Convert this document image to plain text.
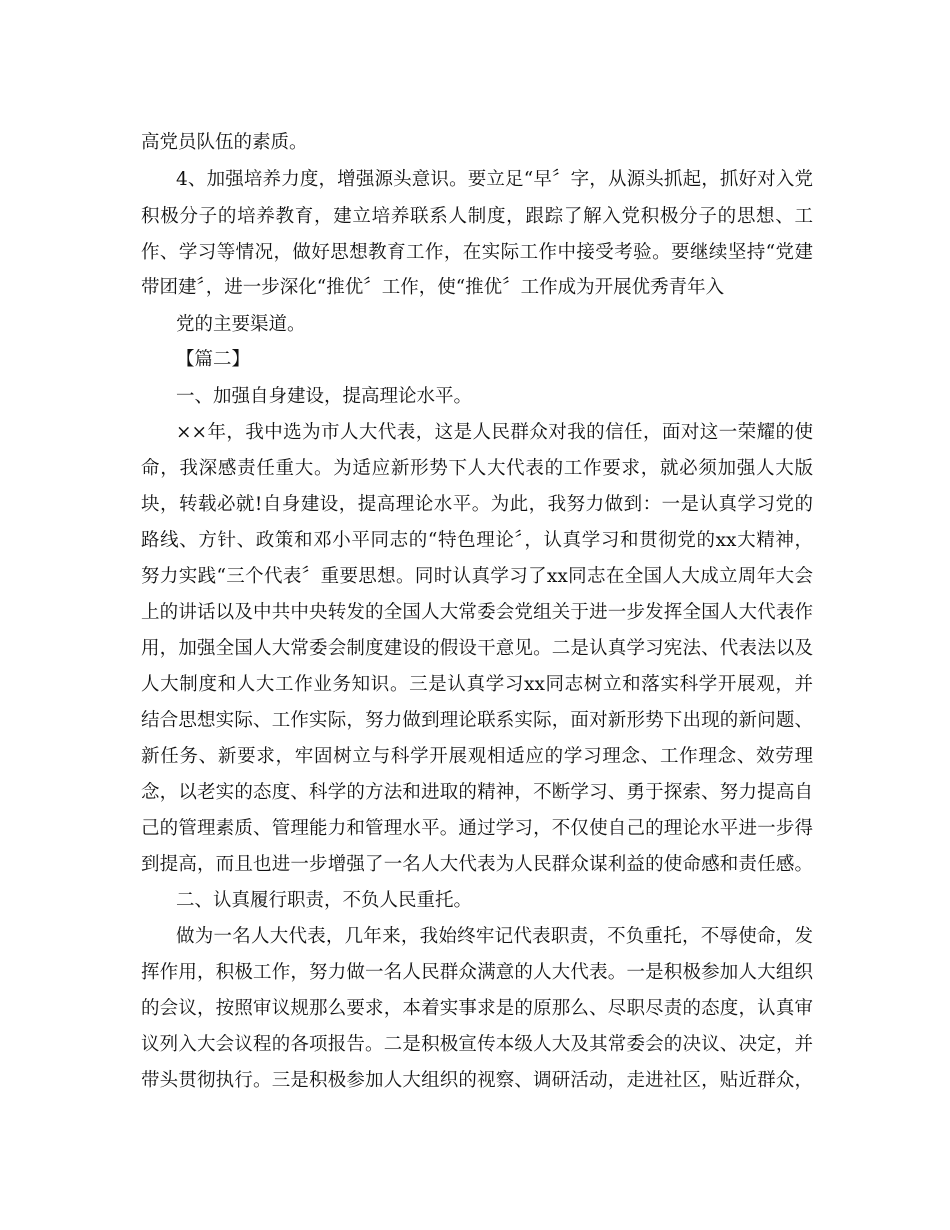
高党员队伍的素质。
4、加强培养力度，增强源头意识。要立足“早〞字，从源头抓起，抓好对入党
积极分子的培养教育，建立培养联系人制度，跟踪了解入党积极分子的思想、工
作、学习等情况，做好思想教育工作，在实际工作中接受考验。要继续坚持“党建
带团建〞，进一步深化“推优〞工作，使“推优〞工作成为开展优秀青年入
党的主要渠道。
【篇二】
一、加强自身建设，提高理论水平。
××年，我中选为市人大代表，这是人民群众对我的信任，面对这一荣耀的使
命，我深感责任重大。为适应新形势下人大代表的工作要求，就必须加强人大版
块，转载必就!自身建设，提高理论水平。为此，我努力做到：一是认真学习党的
路线、方针、政策和邓小平同志的“特色理论〞，认真学习和贯彻党的xx大精神，
努力实践“三个代表〞重要思想。同时认真学习了xx同志在全国人大成立周年大会
上的讲话以及中共中央转发的全国人大常委会党组关于进一步发挥全国人大代表作
用，加强全国人大常委会制度建设的假设干意见。二是认真学习宪法、代表法以及
人大制度和人大工作业务知识。三是认真学习xx同志树立和落实科学开展观，并
结合思想实际、工作实际，努力做到理论联系实际，面对新形势下出现的新问题、
新任务、新要求，牢固树立与科学开展观相适应的学习理念、工作理念、效劳理
念，以老实的态度、科学的方法和进取的精神，不断学习、勇于探索、努力提高自
己的管理素质、管理能力和管理水平。通过学习，不仅使自己的理论水平进一步得
到提高，而且也进一步增强了一名人大代表为人民群众谋利益的使命感和责任感。
二、认真履行职责，不负人民重托。
做为一名人大代表，几年来，我始终牢记代表职责，不负重托，不辱使命，发
挥作用，积极工作，努力做一名人民群众满意的人大代表。一是积极参加人大组织
的会议，按照审议规那么要求，本着实事求是的原那么、尽职尽责的态度，认真审
议列入大会议程的各项报告。二是积极宣传本级人大及其常委会的决议、决定，并
带头贯彻执行。三是积极参加人大组织的视察、调研活动，走进社区，贴近群众，
